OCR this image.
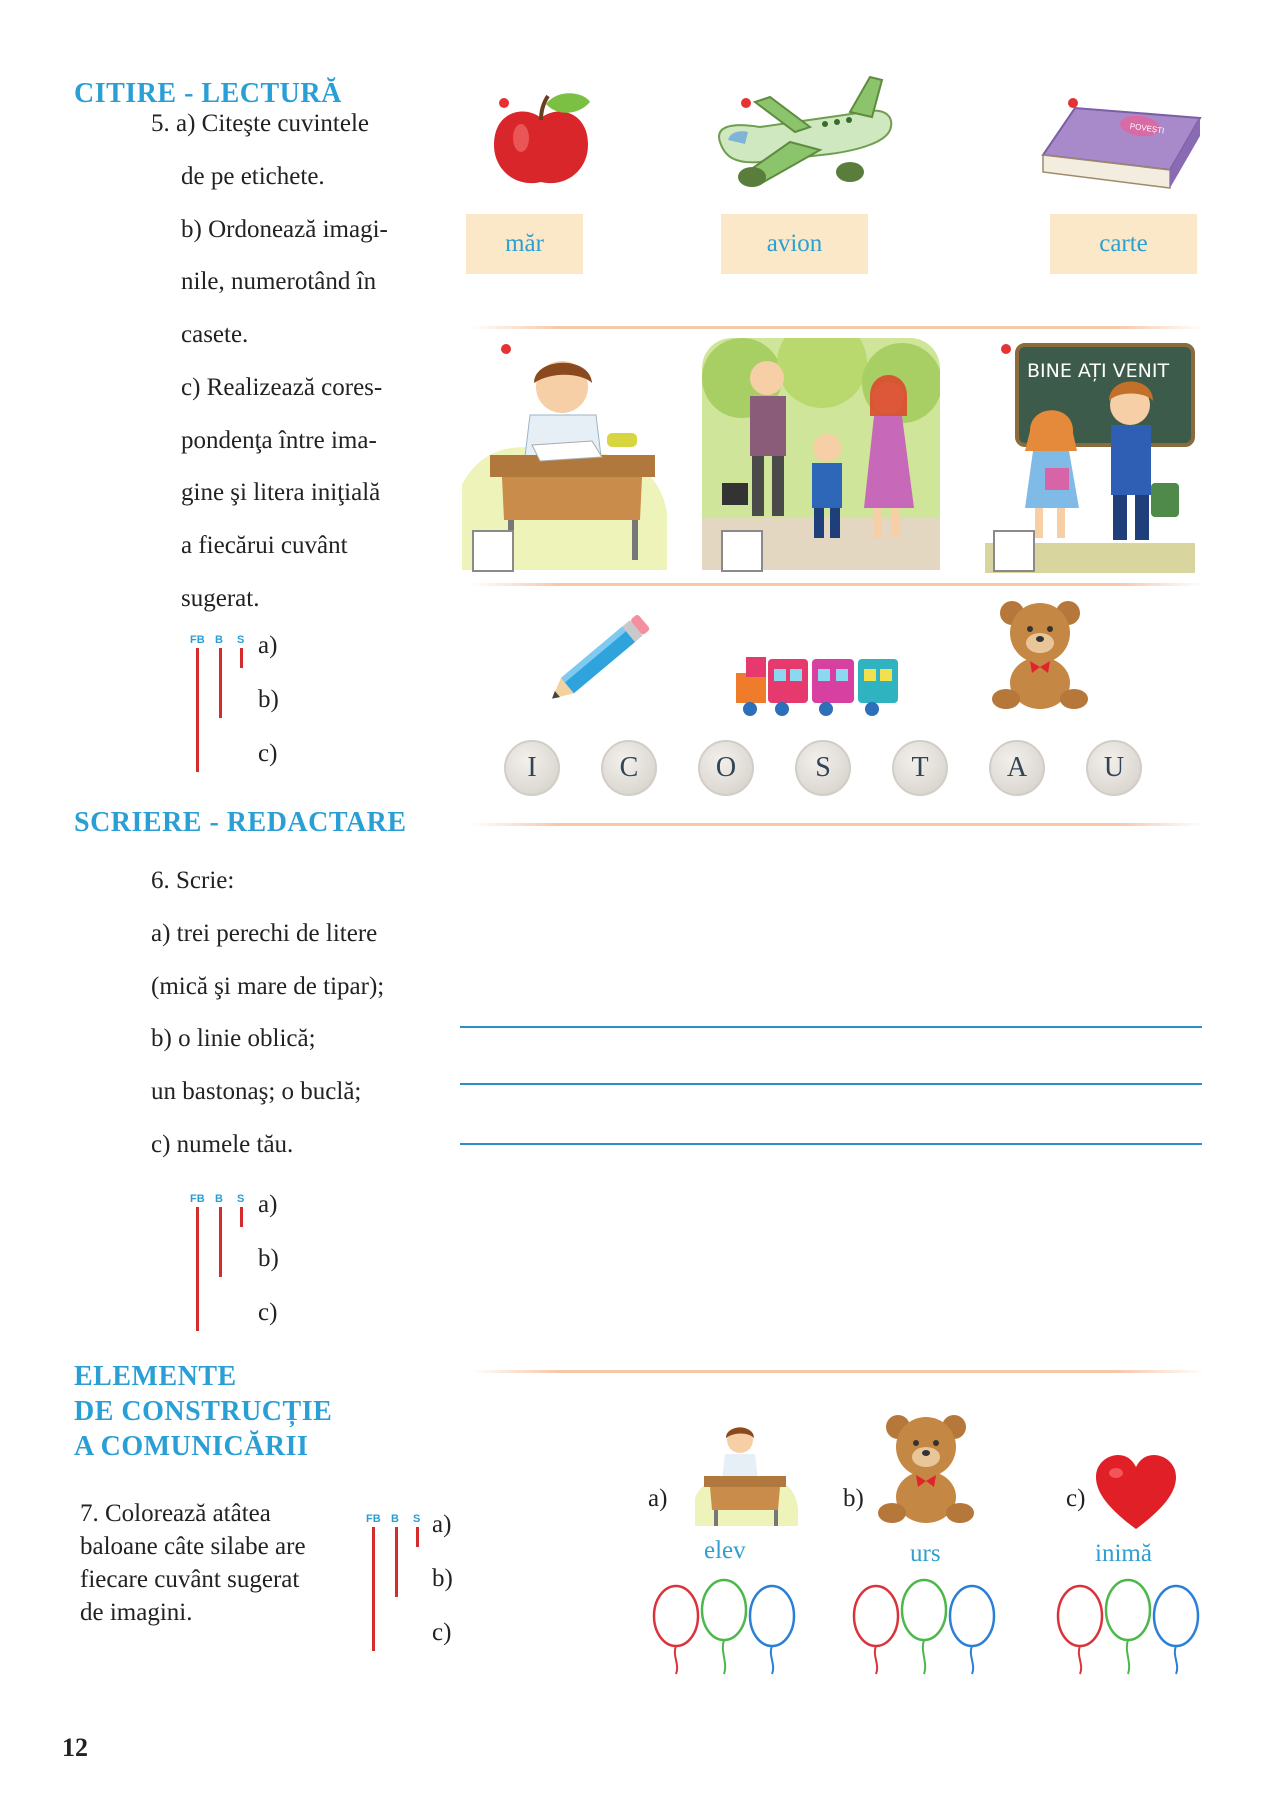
CITIRE - LECTURĂ
SCRIERE - REDACTARE
ELEMENTE
DE CONSTRUCȚIE
A COMUNICĂRII
5. a) Citeşte cuvintele
de pe etichete.
b) Ordonează imagi-
nile, numerotând în
casete.
c) Realizează cores-
pondenţa între ima-
gine şi litera iniţială
a fiecărui cuvânt
sugerat.
FB B S a)
b)
c)
POVEȘTI
măr	avion	carte
BINE AȚI VENIT
I	C	O	S	T	A	U
6. Scrie:
a) trei perechi de litere
(mică şi mare de tipar);
b) o linie oblică;
un bastonaş; o buclă;
c) numele tău.
FB B S a)
b)
c)
7. Colorează atâtea
baloane câte silabe are
fiecare cuvânt sugerat
de imagini.
FB B S a)
b)
c)
a)
elev
b)
urs
c)
inimă
12
